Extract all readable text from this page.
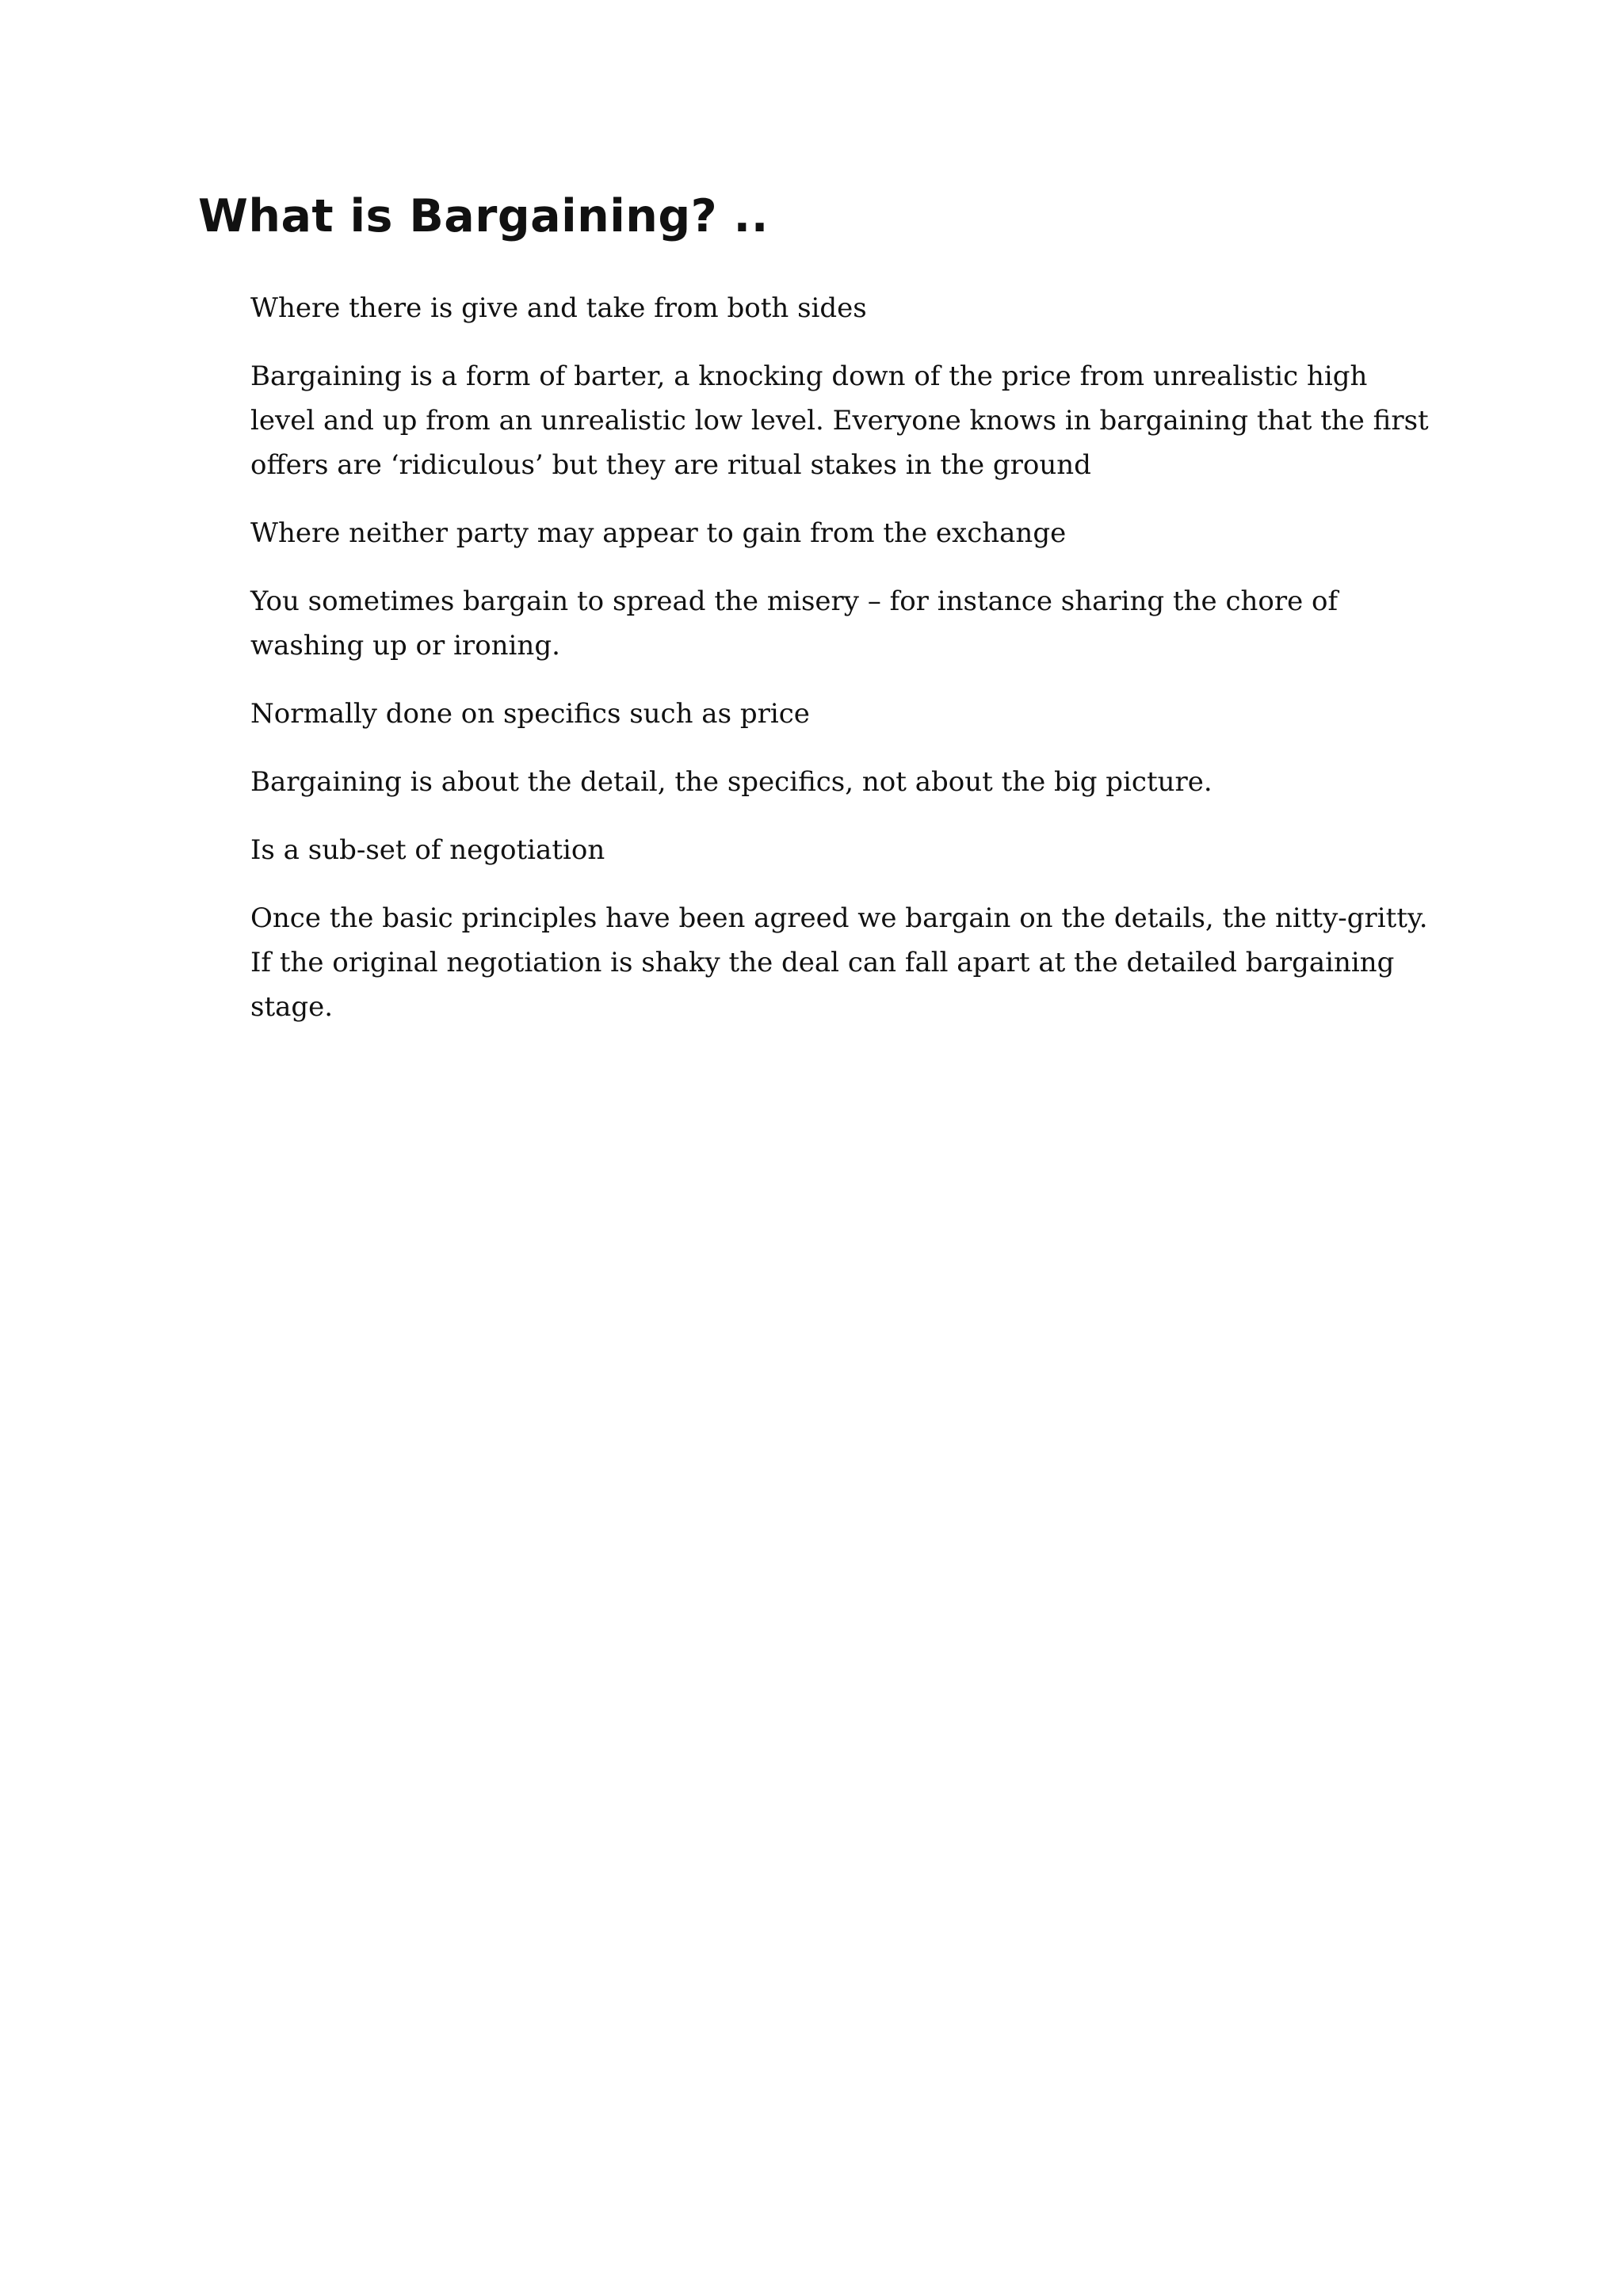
What is Bargaining? ..

Where there is give and take from both sides

Bargaining is a form of barter, a knocking down of the price from unrealistic high level and up from an unrealistic low level. Everyone knows in bargaining that the first offers are ‘ridiculous’ but they are ritual stakes in the ground

Where neither party may appear to gain from the exchange

You sometimes bargain to spread the misery – for instance sharing the chore of washing up or ironing.

Normally done on specifics such as price

Bargaining is about the detail, the specifics, not about the big picture.

Is a sub-set of negotiation

Once the basic principles have been agreed we bargain on the details, the nitty-gritty. If the original negotiation is shaky the deal can fall apart at the detailed bargaining stage.
